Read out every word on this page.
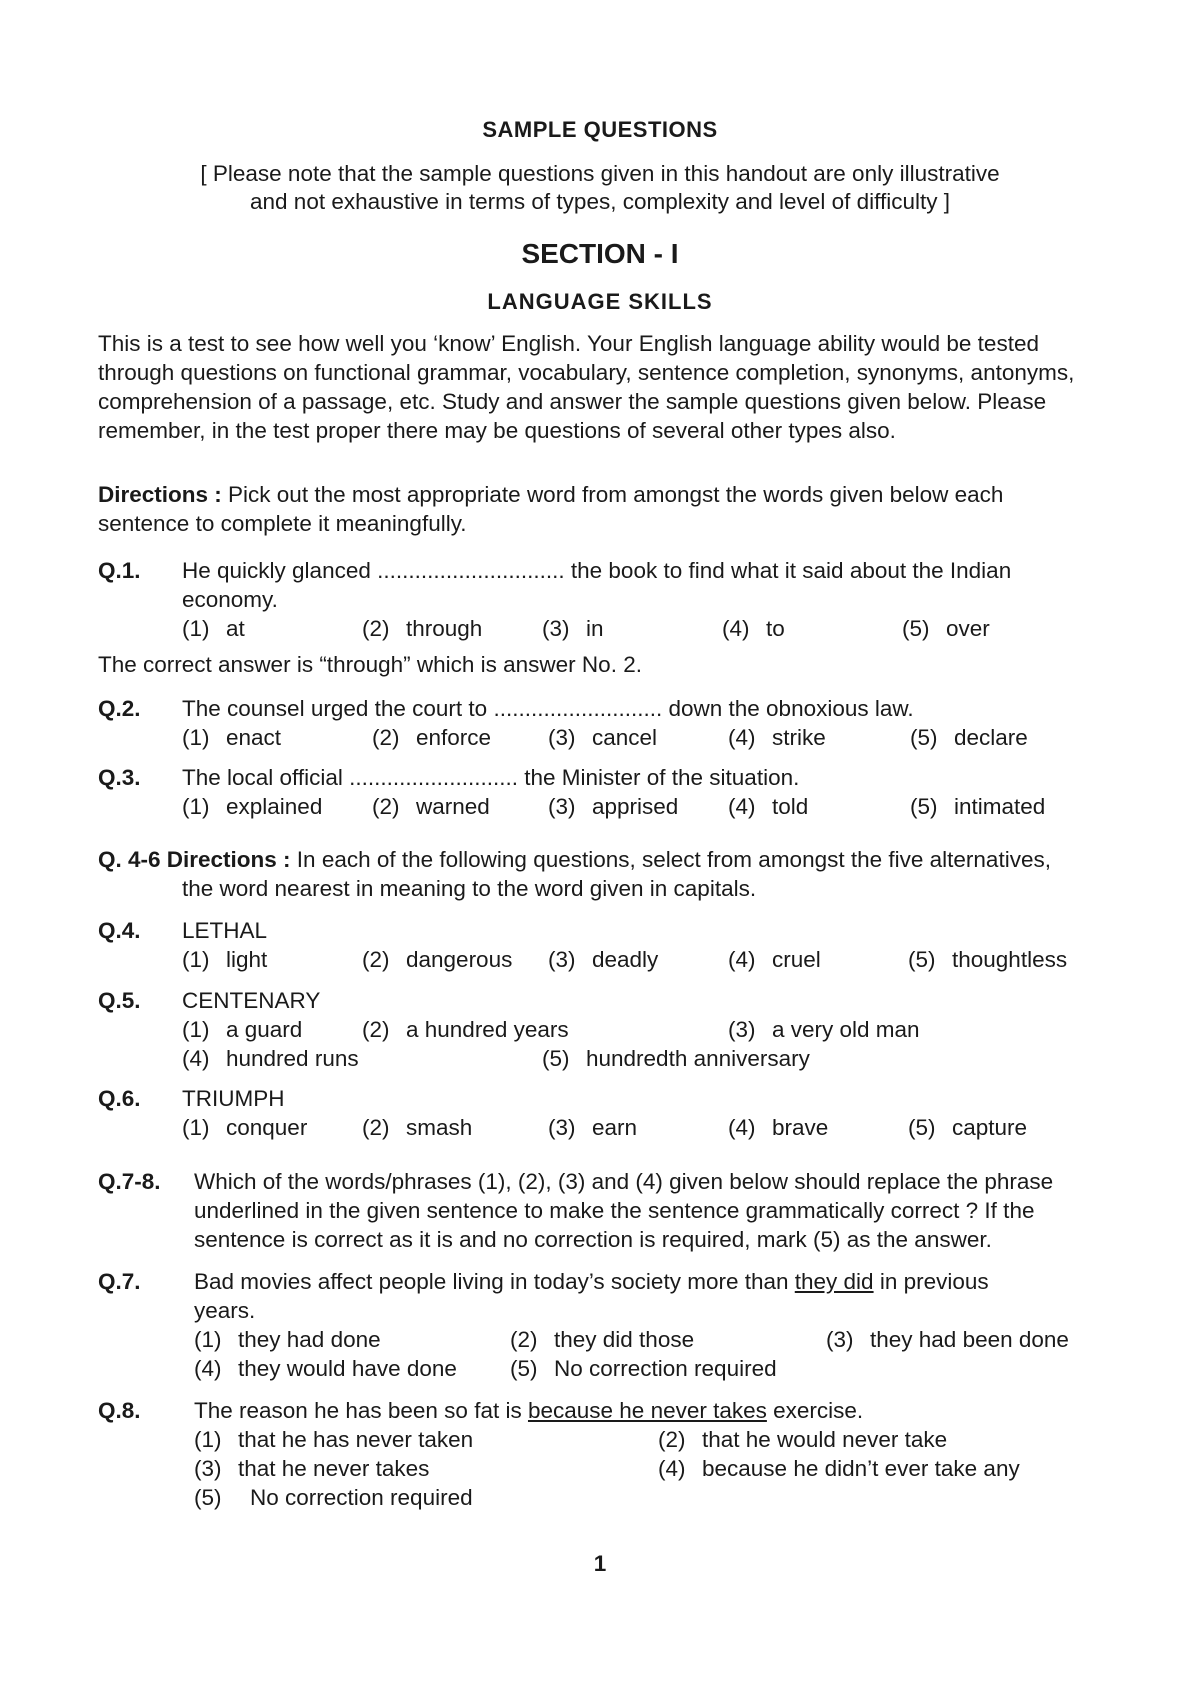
SAMPLE QUESTIONS
[ Please note that the sample questions given in this handout are only illustrative
and not exhaustive in terms of types, complexity and level of difficulty ]
SECTION - I
LANGUAGE SKILLS
This is a test to see how well you ‘know’ English. Your English language ability would be tested
through questions on functional grammar, vocabulary, sentence completion, synonyms, antonyms,
comprehension of a passage, etc. Study and answer the sample questions given below. Please
remember, in the test proper there may be questions of several other types also.
Directions : Pick out the most appropriate word from amongst the words given below each
sentence to complete it meaningfully.
Q.1. He quickly glanced .............................. the book to find what it said about the Indian
economy.
(1) at	(2) through	(3) in	(4) to	(5) over
The correct answer is “through” which is answer No. 2.
Q.2. The counsel urged the court to ........................... down the obnoxious law.
(1) enact	(2) enforce	(3) cancel	(4) strike	(5) declare
Q.3. The local official ........................... the Minister of the situation.
(1) explained (2) warned	(3) apprised (4) told	(5) intimated
Q. 4-6 Directions : In each of the following questions, select from amongst the five alternatives,
the word nearest in meaning to the word given in capitals.
Q.4. LETHAL
(1) light	(2) dangerous (3) deadly	(4) cruel	(5) thoughtless
Q.5. CENTENARY
(1) a guard	(2) a hundred years	(3) a very old man
(4) hundred runs	(5) hundredth anniversary
Q.6. TRIUMPH
(1) conquer (2) smash	(3) earn	(4) brave	(5) capture
Q.7-8. Which of the words/phrases (1), (2), (3) and (4) given below should replace the phrase
underlined in the given sentence to make the sentence grammatically correct ? If the
sentence is correct as it is and no correction is required, mark (5) as the answer.
Q.7. Bad movies affect people living in today’s society more than they did in previous
years.
(1) they had done	(2) they did those	(3) they had been done
(4) they would have done (5) No correction required
Q.8. The reason he has been so fat is because he never takes exercise.
(1) that he has never taken	(2) that he would never take
(3) that he never takes	(4) because he didn’t ever take any
(5) No correction required
1
